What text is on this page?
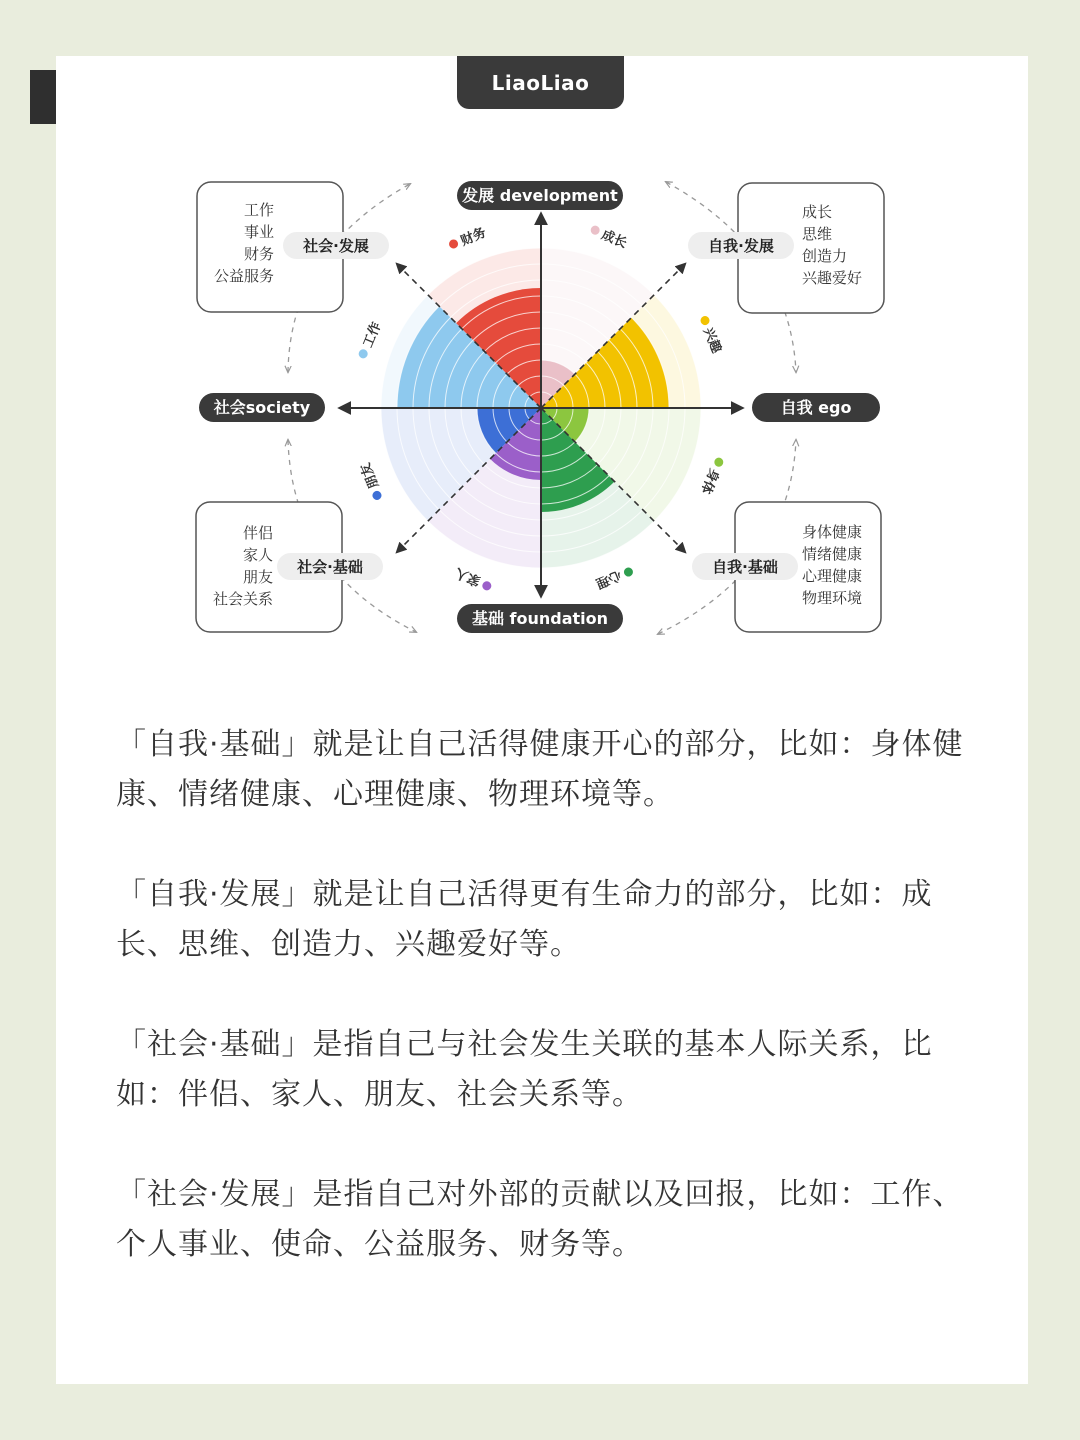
LiaoLiao
发展 development
基础 foundation
社会society	自我 ego
工作
事业
财务
公益服务
社会·发展
成长
思维
创造力
兴趣爱好
自我·发展
伴侣
家人
朋友
社会关系
社会·基础
身体健康
情绪健康
心理健康
物理环境
自我·基础
成长
兴趣
身体
心理
家人
朋友
工作
财务

「自我·基础」就是让自己活得健康开心的部分，比如：身体健康、情绪健康、心理健康、物理环境等。

「自我·发展」就是让自己活得更有生命力的部分，比如：成长、思维、创造力、兴趣爱好等。

「社会·基础」是指自己与社会发生关联的基本人际关系，比如：伴侣、家人、朋友、社会关系等。

「社会·发展」是指自己对外部的贡献以及回报，比如：工作、个人事业、使命、公益服务、财务等。
